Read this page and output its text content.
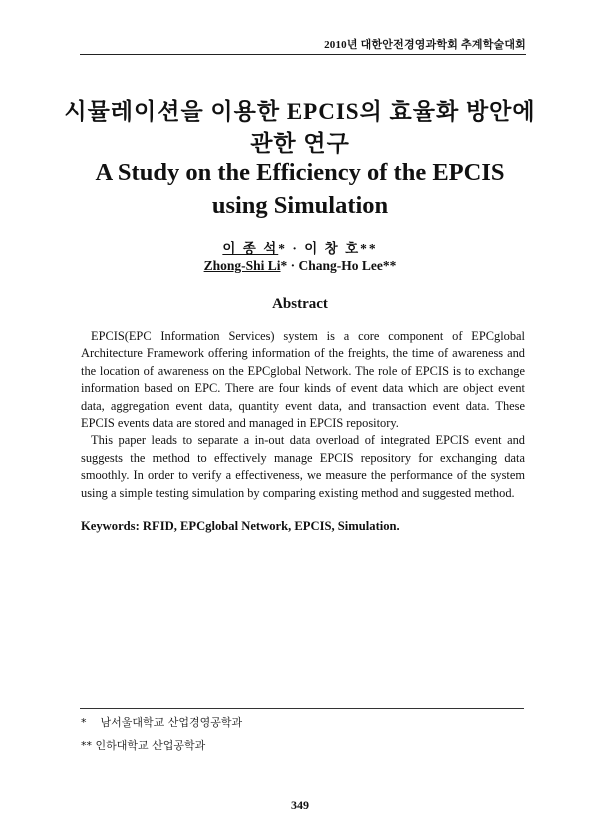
2010년 대한안전경영과학회 추계학술대회
시뮬레이션을 이용한 EPCIS의 효율화 방안에
관한 연구
A Study on the Efficiency of the EPCIS
using Simulation
이 종 석* · 이 창 호**
Zhong-Shi Li* · Chang-Ho Lee**
Abstract

EPCIS(EPC Information Services) system is a core component of EPCglobal Architecture Framework offering information of the freights, the time of awareness and the location of awareness on the EPCglobal Network. The role of EPCIS is to exchange information based on EPC. There are four kinds of event data which are object event data, aggregation event data, quantity event data, and transaction event data. These EPCIS events data are stored and managed in EPCIS repository.

This paper leads to separate a in-out data overload of integrated EPCIS event and suggests the method to effectively manage EPCIS repository for exchanging data smoothly. In order to verify a effectiveness, we measure the performance of the system using a simple testing simulation by comparing existing method and suggested method.

Keywords: RFID, EPCglobal Network, EPCIS, Simulation.
* 남서울대학교 산업경영공학과
** 인하대학교 산업공학과
349
